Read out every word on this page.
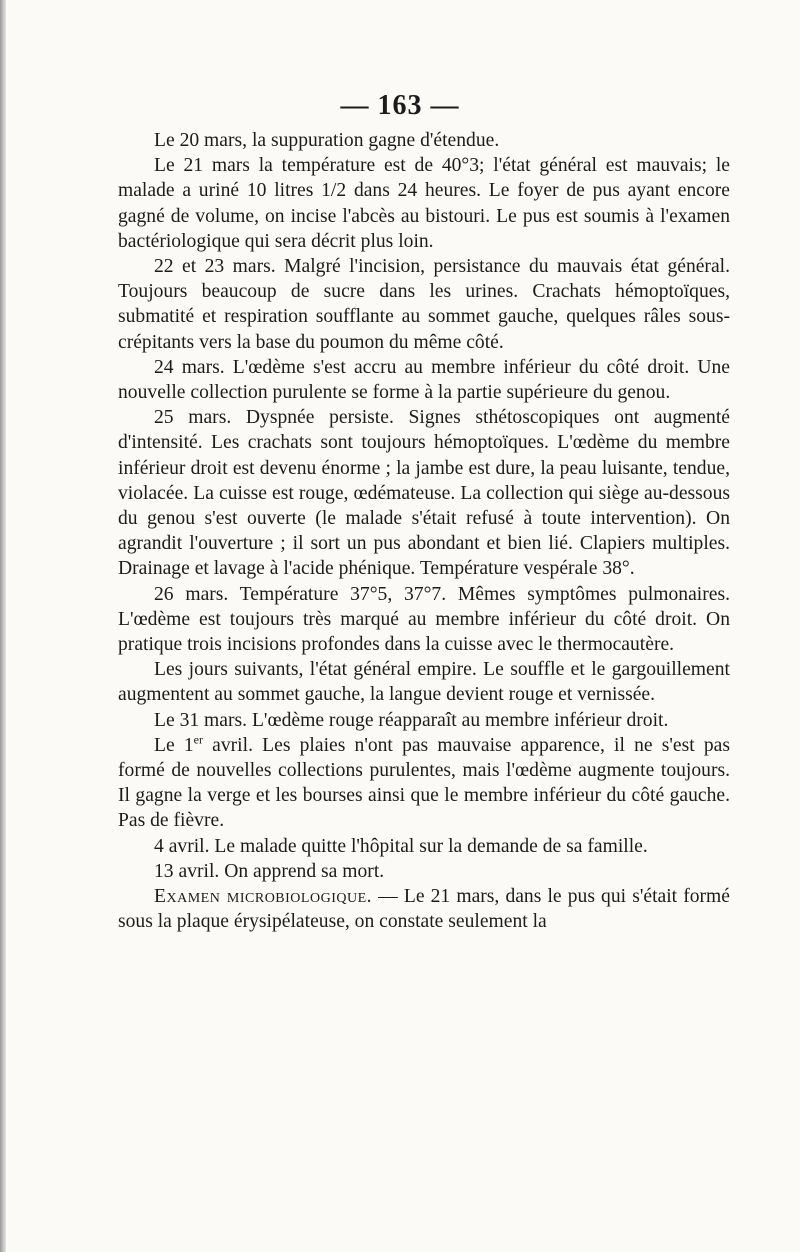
— 163 —

Le 20 mars, la suppuration gagne d'étendue.

Le 21 mars la température est de 40°3; l'état général est mauvais; le malade a uriné 10 litres 1/2 dans 24 heures. Le foyer de pus ayant encore gagné de volume, on incise l'abcès au bistouri. Le pus est soumis à l'examen bactériologique qui sera décrit plus loin.

22 et 23 mars. Malgré l'incision, persistance du mauvais état général. Toujours beaucoup de sucre dans les urines. Crachats hémoptoïques, submatité et respiration soufflante au sommet gauche, quelques râles sous-crépitants vers la base du poumon du même côté.

24 mars. L'œdème s'est accru au membre inférieur du côté droit. Une nouvelle collection purulente se forme à la partie supérieure du genou.

25 mars. Dyspnée persiste. Signes sthétoscopiques ont augmenté d'intensité. Les crachats sont toujours hémoptoïques. L'œdème du membre inférieur droit est devenu énorme ; la jambe est dure, la peau luisante, tendue, violacée. La cuisse est rouge, œdémateuse. La collection qui siège au-dessous du genou s'est ouverte (le malade s'était refusé à toute intervention). On agrandit l'ouverture ; il sort un pus abondant et bien lié. Clapiers multiples. Drainage et lavage à l'acide phénique. Température vespérale 38°.

26 mars. Température 37°5, 37°7. Mêmes symptômes pulmonaires. L'œdème est toujours très marqué au membre inférieur du côté droit. On pratique trois incisions profondes dans la cuisse avec le thermocautère.

Les jours suivants, l'état général empire. Le souffle et le gargouillement augmentent au sommet gauche, la langue devient rouge et vernissée.

Le 31 mars. L'œdème rouge réapparaît au membre inférieur droit.

Le 1er avril. Les plaies n'ont pas mauvaise apparence, il ne s'est pas formé de nouvelles collections purulentes, mais l'œdème augmente toujours. Il gagne la verge et les bourses ainsi que le membre inférieur du côté gauche. Pas de fièvre.

4 avril. Le malade quitte l'hôpital sur la demande de sa famille.

13 avril. On apprend sa mort.

Examen microbiologique. — Le 21 mars, dans le pus qui s'était formé sous la plaque érysipélateuse, on constate seulement la
